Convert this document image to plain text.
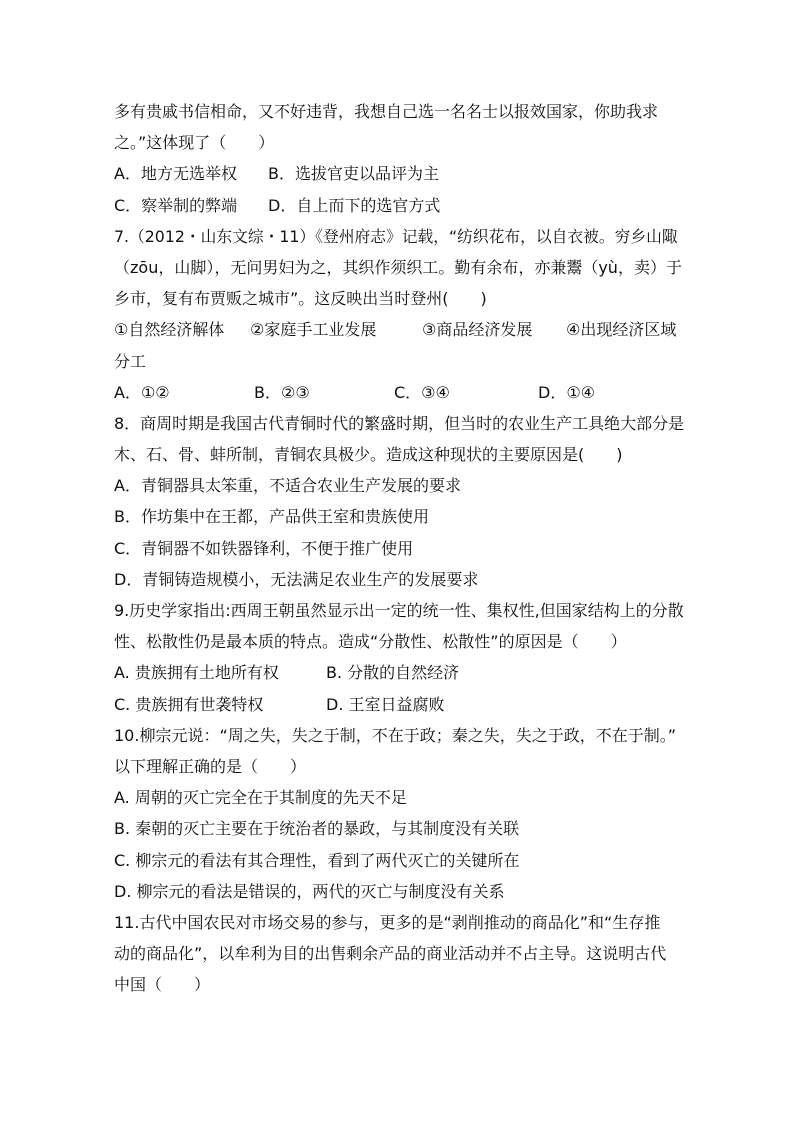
多有贵戚书信相命，又不好违背，我想自己选一名名士以报效国家，你助我求
之。”这体现了（　　）
A．地方无选举权	B．选拔官吏以品评为主
C．察举制的弊端	D．自上而下的选官方式
7.（2012・山东文综・11）《登州府志》记载，“纺织花布，以自衣被。穷乡山陬
（zōu，山脚），无问男妇为之，其织作须织工。勤有余布，亦兼鬻（yù，卖）于
乡市，复有布贾贩之城市”。这反映出当时登州(　　)
①自然经济解体	②家庭手工业发展	③商品经济发展	④出现经济区域
分工
A．①②	B．②③	C．③④	D．①④
8．商周时期是我国古代青铜时代的繁盛时期，但当时的农业生产工具绝大部分是
木、石、骨、蚌所制，青铜农具极少。造成这种现状的主要原因是(　　)
A．青铜器具太笨重，不适合农业生产发展的要求
B．作坊集中在王都，产品供王室和贵族使用
C．青铜器不如铁器锋利，不便于推广使用
D．青铜铸造规模小，无法满足农业生产的发展要求
9.历史学家指出:西周王朝虽然显示出一定的统一性、集权性,但国家结构上的分散
性、松散性仍是最本质的特点。造成“分散性、松散性”的原因是（　　）
A. 贵族拥有土地所有权	B. 分散的自然经济
C. 贵族拥有世袭特权	D. 王室日益腐败
10.柳宗元说：“周之失，失之于制，不在于政；秦之失，失之于政，不在于制。”
以下理解正确的是（　　）
A. 周朝的灭亡完全在于其制度的先天不足
B. 秦朝的灭亡主要在于统治者的暴政，与其制度没有关联
C. 柳宗元的看法有其合理性，看到了两代灭亡的关键所在
D. 柳宗元的看法是错误的，两代的灭亡与制度没有关系
11.古代中国农民对市场交易的参与，更多的是“剥削推动的商品化”和“生存推
动的商品化”，以牟利为目的出售剩余产品的商业活动并不占主导。这说明古代
中国（　　）
